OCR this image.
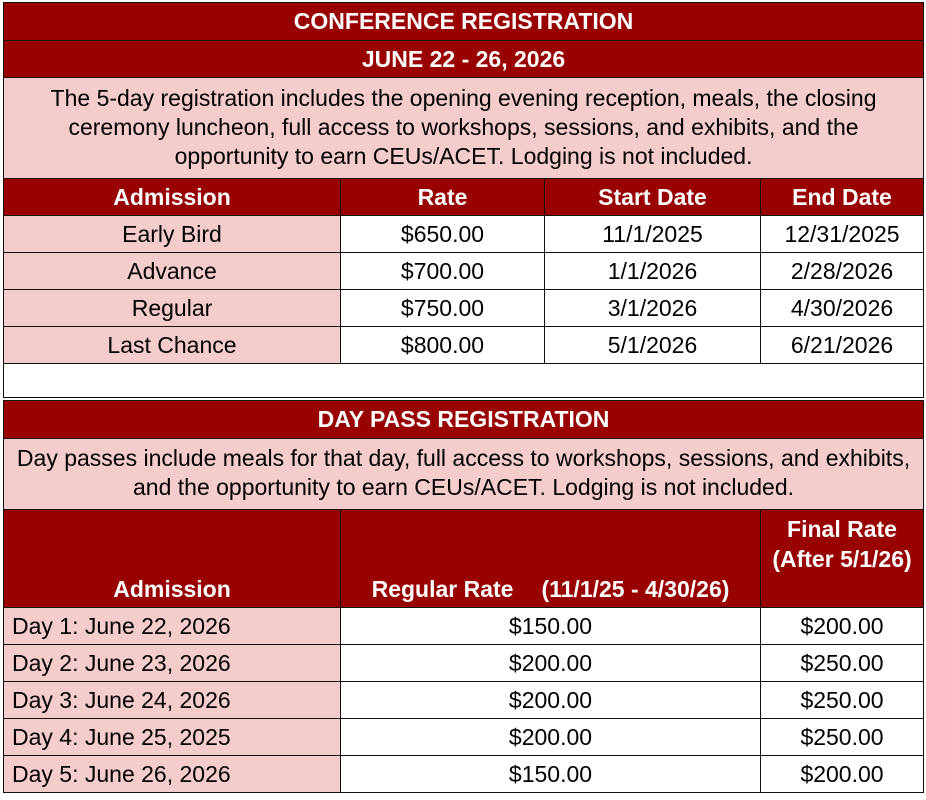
CONFERENCE REGISTRATION			
JUNE 22 - 26, 2026			
The 5-day registration includes the opening evening reception, meals, the closing ceremony luncheon, full access to workshops, sessions, and exhibits, and the opportunity to earn CEUs/ACET. Lodging is not included.			
Admission	Rate	Start Date	End Date
Early Bird	$650.00	11/1/2025	12/31/2025
Advance	$700.00	1/1/2026	2/28/2026
Regular	$750.00	3/1/2026	4/30/2026
Last Chance	$800.00	5/1/2026	6/21/2026

DAY PASS REGISTRATION		
Day passes include meals for that day, full access to workshops, sessions, and exhibits, and the opportunity to earn CEUs/ACET. Lodging is not included.		
Admission	Regular Rate (11/1/25 - 4/30/26)	Final Rate (After 5/1/26)
Day 1: June 22, 2026	$150.00	$200.00
Day 2: June 23, 2026	$200.00	$250.00
Day 3: June 24, 2026	$200.00	$250.00
Day 4: June 25, 2025	$200.00	$250.00
Day 5: June 26, 2026	$150.00	$200.00
